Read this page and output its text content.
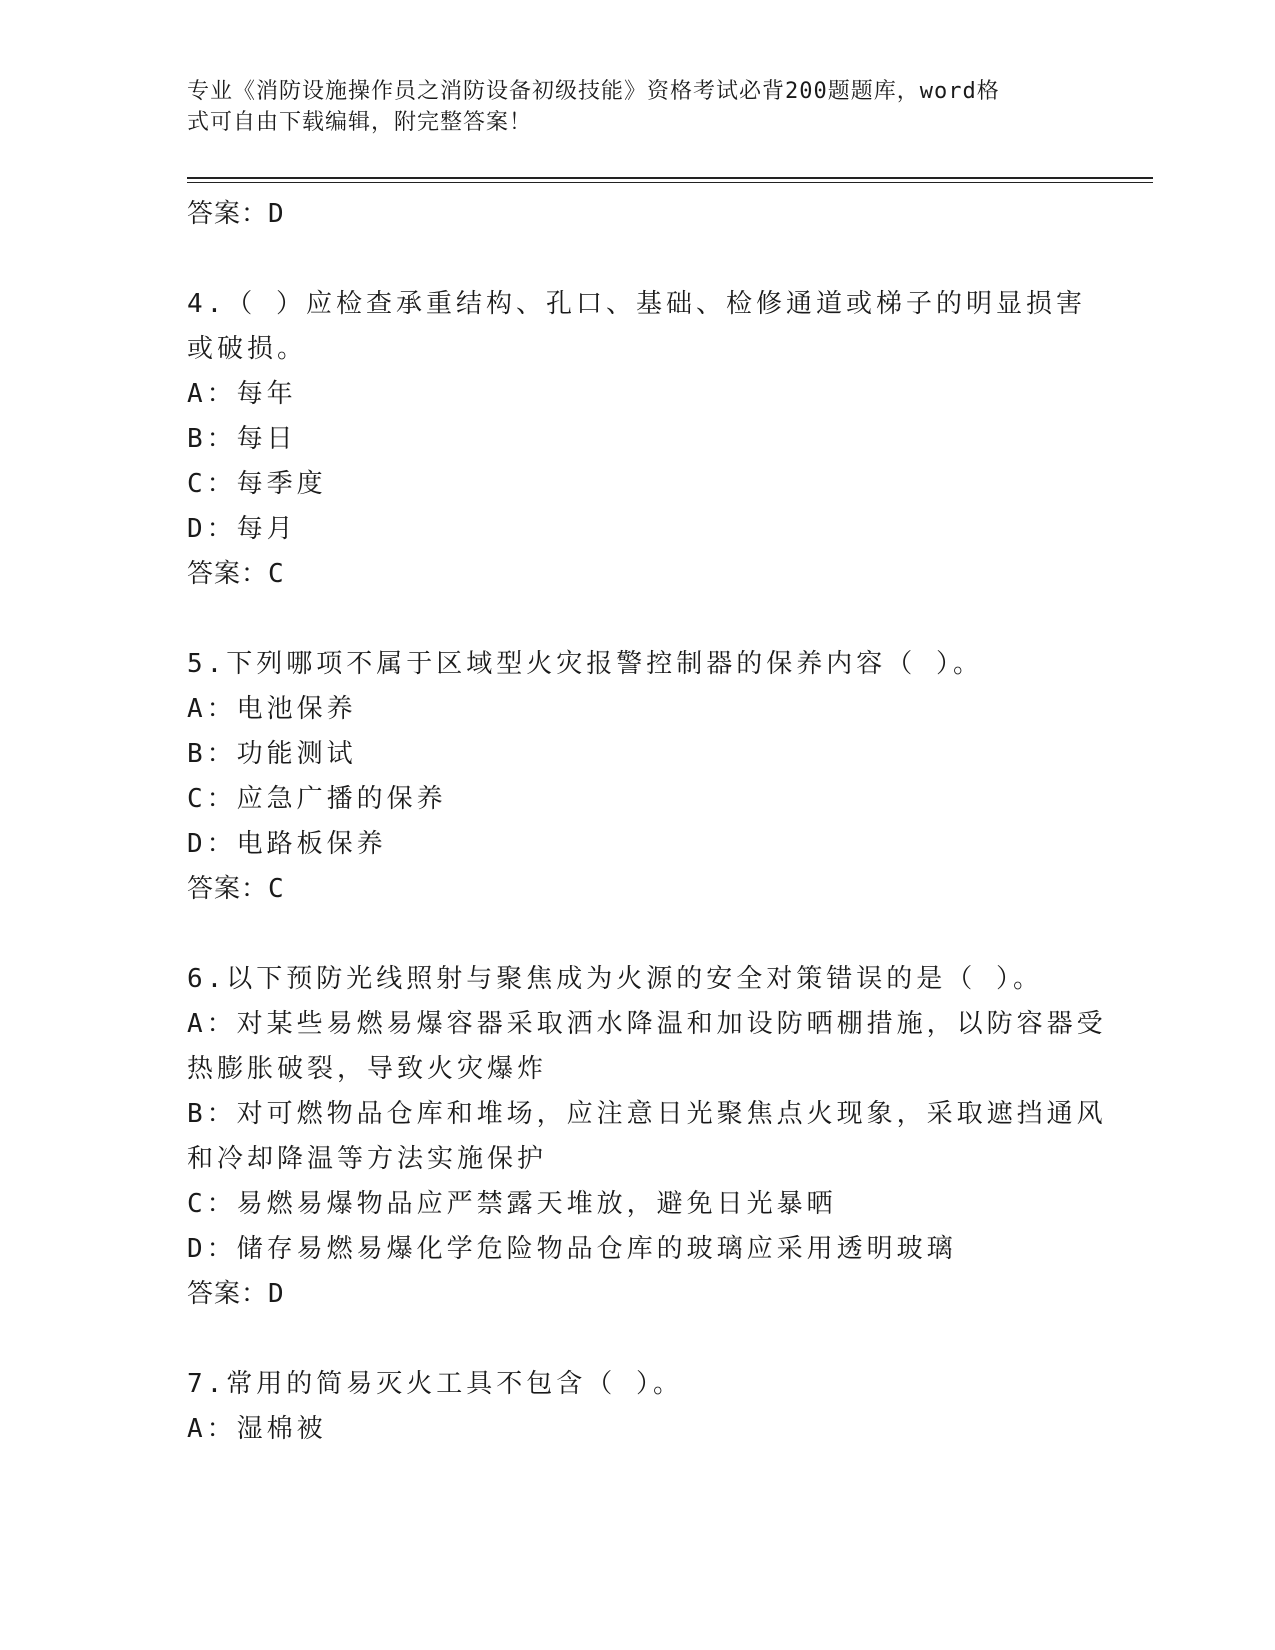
专业《消防设施操作员之消防设备初级技能》资格考试必背200题题库，word格
式可自由下载编辑，附完整答案！
答案：D
4.（ ）应检查承重结构、孔口、基础、检修通道或梯子的明显损害
或破损。
A：每年
B：每日
C：每季度
D：每月
答案：C
5.下列哪项不属于区域型火灾报警控制器的保养内容（ ）。
A：电池保养
B：功能测试
C：应急广播的保养
D：电路板保养
答案：C
6.以下预防光线照射与聚焦成为火源的安全对策错误的是（ ）。
A：对某些易燃易爆容器采取洒水降温和加设防晒棚措施，以防容器受
热膨胀破裂，导致火灾爆炸
B：对可燃物品仓库和堆场，应注意日光聚焦点火现象，采取遮挡通风
和冷却降温等方法实施保护
C：易燃易爆物品应严禁露天堆放，避免日光暴晒
D：储存易燃易爆化学危险物品仓库的玻璃应采用透明玻璃
答案：D
7.常用的简易灭火工具不包含（ ）。
A：湿棉被
